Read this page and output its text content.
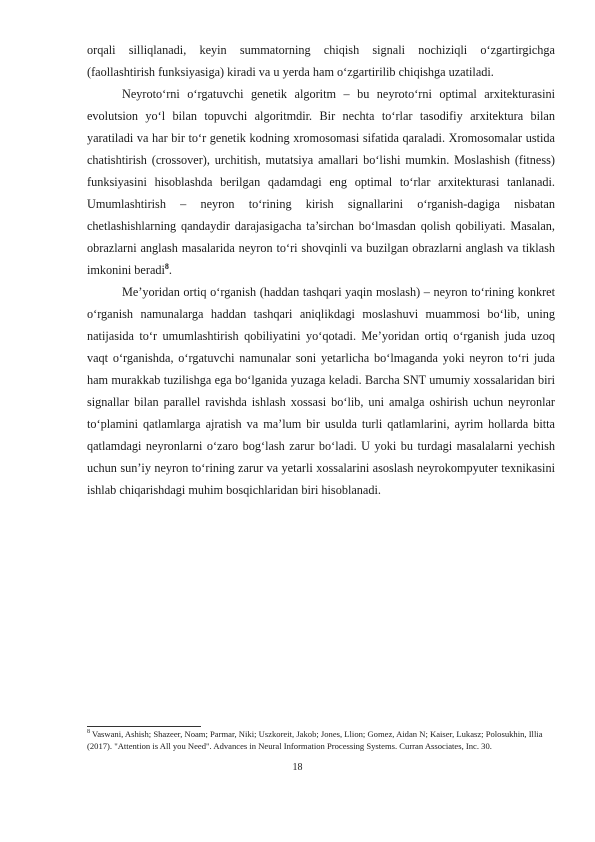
orqali silliqlanadi, keyin summatorning chiqish signali nochiziqli o‘zgartirgichga (faollashtirish funksiyasiga) kiradi va u yerda ham o‘zgartirilib chiqishga uzatiladi.

Neyroto‘rni o‘rgatuvchi genetik algoritm – bu neyroto‘rni optimal arxitekturasini evolutsion yo‘l bilan topuvchi algoritmdir. Bir nechta to‘rlar tasodifiy arxitektura bilan yaratiladi va har bir to‘r genetik kodning xromosomasi sifatida qaraladi. Xromosomalar ustida chatishtirish (crossover), urchitish, mutatsiya amallari bo‘lishi mumkin. Moslashish (fitness) funksiyasini hisoblashda berilgan qadamdagi eng optimal to‘rlar arxitekturasi tanlanadi. Umumlashtirish – neyron to‘rining kirish signallarini o‘rganish-dagiga nisbatan chetlashishlarning qandaydir darajasigacha ta’sirchan bo‘lmasdan qolish qobiliyati. Masalan, obrazlarni anglash masalarida neyron to‘ri shovqinli va buzilgan obrazlarni anglash va tiklash imkonini beradi$^8$.

Me’yoridan ortiq o‘rganish (haddan tashqari yaqin moslash) – neyron to‘rining konkret o‘rganish namunalarga haddan tashqari aniqlikdagi moslashuvi muammosi bo‘lib, uning natijasida to‘r umumlashtirish qobiliyatini yo‘qotadi. Me’yoridan ortiq o‘rganish juda uzoq vaqt o‘rganishda, o‘rgatuvchi namunalar soni yetarlicha bo‘lmaganda yoki neyron to‘ri juda ham murakkab tuzilishga ega bo‘lganida yuzaga keladi. Barcha SNT umumiy xossalaridan biri signallar bilan parallel ravishda ishlash xossasi bo‘lib, uni amalga oshirish uchun neyronlar to‘plamini qatlamlarga ajratish va ma’lum bir usulda turli qatlamlarini, ayrim hollarda bitta qatlamdagi neyronlarni o‘zaro bog‘lash zarur bo‘ladi. U yoki bu turdagi masalalarni yechish uchun sun’iy neyron to‘rining zarur va yetarli xossalarini asoslash neyrokompyuter texnikasini ishlab chiqarishdagi muhim bosqichlaridan biri hisoblanadi.

$^8$ Vaswani, Ashish; Shazeer, Noam; Parmar, Niki; Uszkoreit, Jakob; Jones, Llion; Gomez, Aidan N; Kaiser, Lukasz; Polosukhin, Illia (2017). "Attention is All you Need". Advances in Neural Information Processing Systems. Curran Associates, Inc. 30.
18
